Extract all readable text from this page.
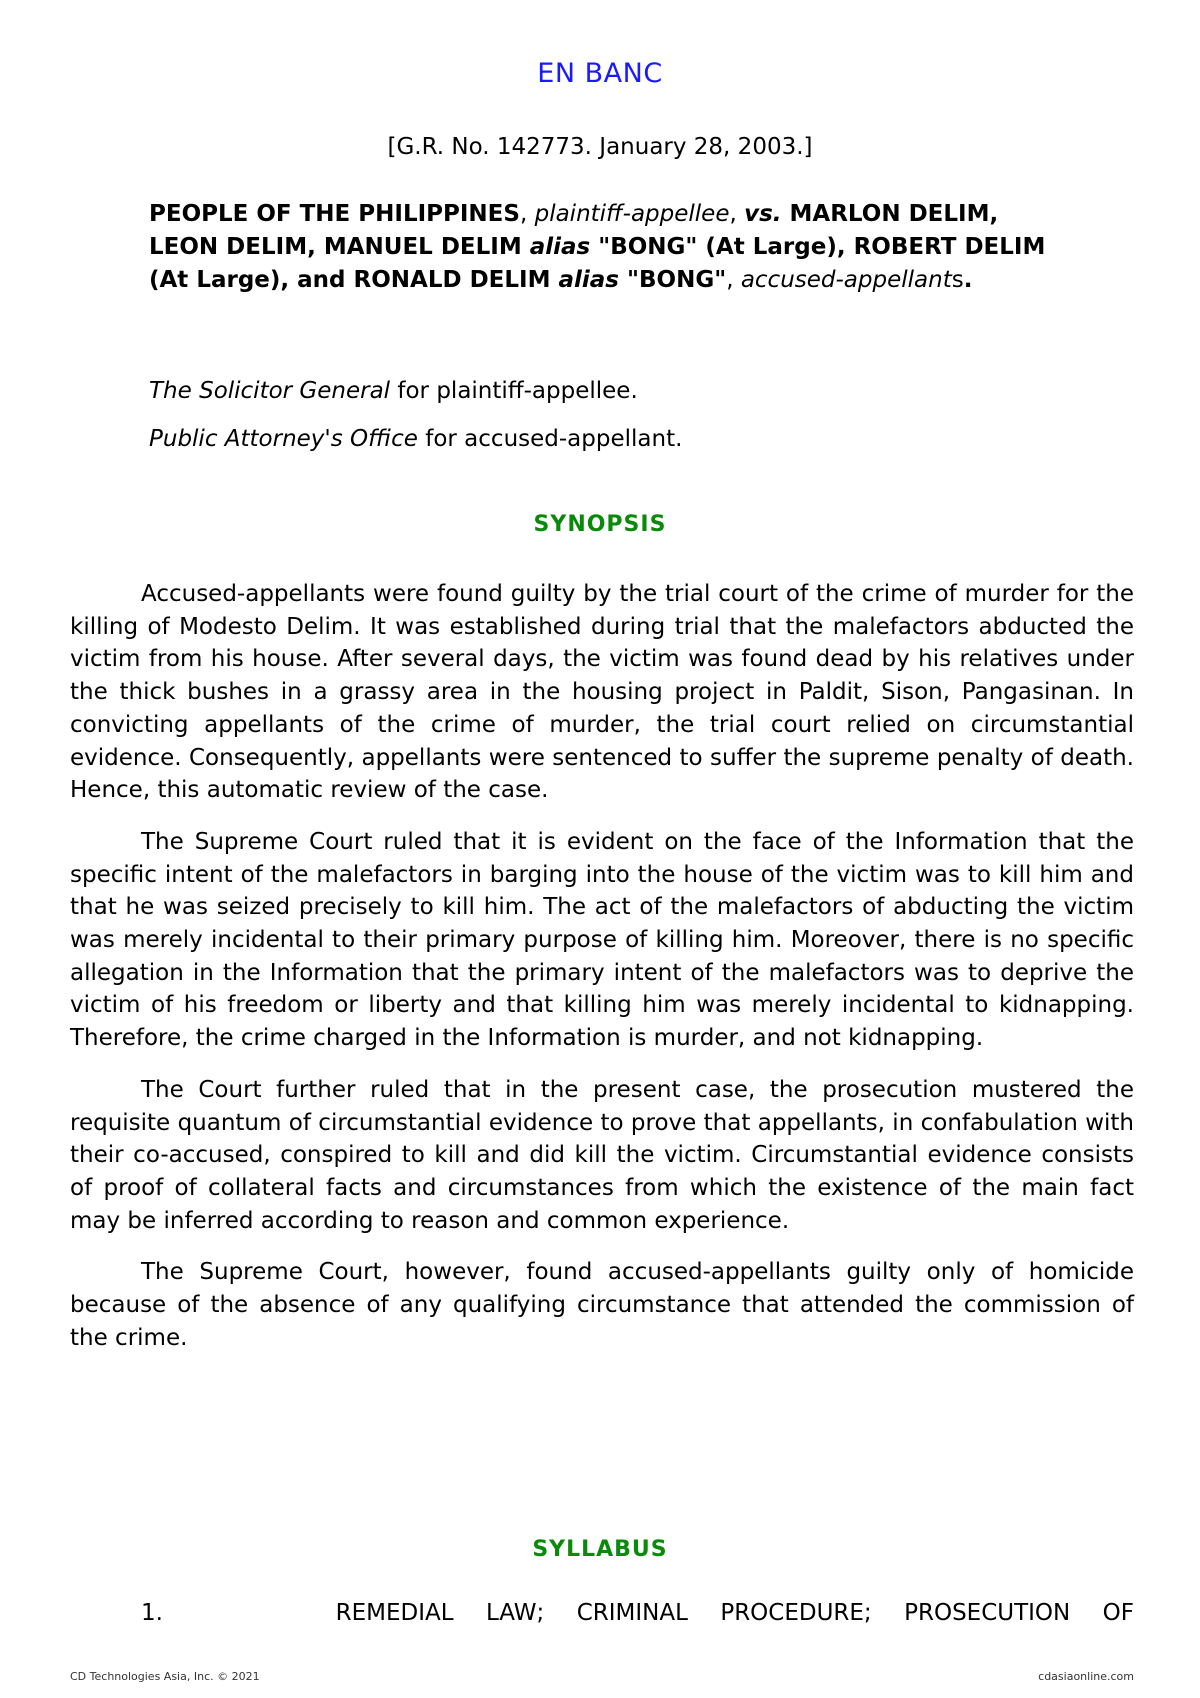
EN BANC
[G.R. No. 142773. January 28, 2003.]
PEOPLE OF THE PHILIPPINES, plaintiff-appellee, vs. MARLON DELIM, LEON DELIM, MANUEL DELIM alias "BONG" (At Large), ROBERT DELIM (At Large), and RONALD DELIM alias "BONG", accused-appellants.
The Solicitor General for plaintiff-appellee.
Public Attorney's Office for accused-appellant.
SYNOPSIS

Accused-appellants were found guilty by the trial court of the crime of murder for the killing of Modesto Delim. It was established during trial that the malefactors abducted the victim from his house. After several days, the victim was found dead by his relatives under the thick bushes in a grassy area in the housing project in Paldit, Sison, Pangasinan. In convicting appellants of the crime of murder, the trial court relied on circumstantial evidence. Consequently, appellants were sentenced to suffer the supreme penalty of death. Hence, this automatic review of the case.

The Supreme Court ruled that it is evident on the face of the Information that the specific intent of the malefactors in barging into the house of the victim was to kill him and that he was seized precisely to kill him. The act of the malefactors of abducting the victim was merely incidental to their primary purpose of killing him. Moreover, there is no specific allegation in the Information that the primary intent of the malefactors was to deprive the victim of his freedom or liberty and that killing him was merely incidental to kidnapping. Therefore, the crime charged in the Information is murder, and not kidnapping.

The Court further ruled that in the present case, the prosecution mustered the requisite quantum of circumstantial evidence to prove that appellants, in confabulation with their co-accused, conspired to kill and did kill the victim. Circumstantial evidence consists of proof of collateral facts and circumstances from which the existence of the main fact may be inferred according to reason and common experience.

The Supreme Court, however, found accused-appellants guilty only of homicide because of the absence of any qualifying circumstance that attended the commission of the crime.

SYLLABUS
1.	REMEDIAL LAW; CRIMINAL PROCEDURE; PROSECUTION OF
CD Technologies Asia, Inc. © 2021	cdasiaonline.com
